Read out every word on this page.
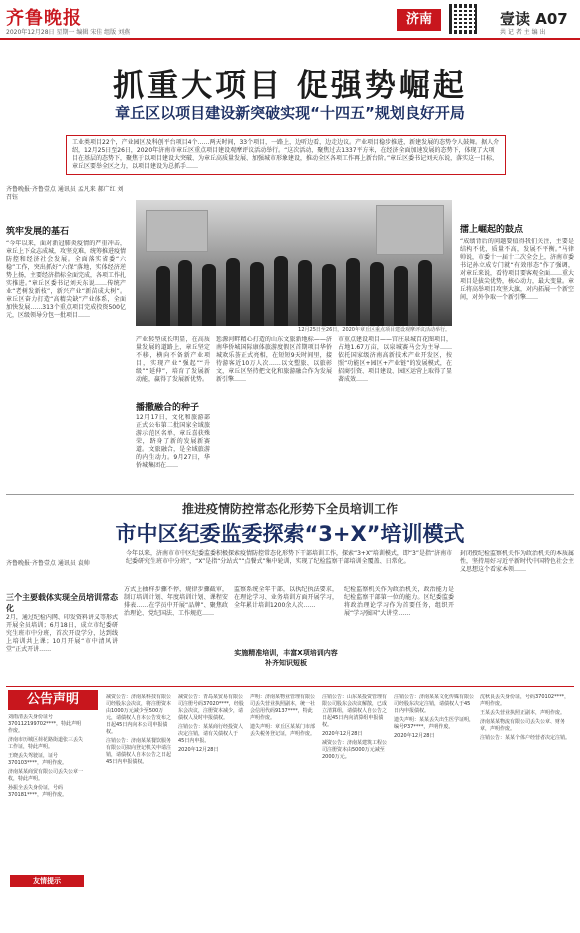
齐鲁晚报
2020年12月28日 星期一 编辑 宋佳 组版 刘燕
济南	壹读 A07
共 记 者 主 编 出
抓重大项目 促强势崛起
章丘区以项目建设新突破实现“十四五”规划良好开局
工业类项目22个，产业园区及科创平台项目4个……两天时间，33个项目，一路上，边听边看，边走边议。产业项目稳步推进，新建发展的态势令人鼓舞。据人介绍，12月25日至26日，2020年济南市章丘区重点项目建设观摩评议活动举行。“这次活动，聚焦过去1337平方米，在经济全面加速发展的态势下，体现了大项目在基层的态势下，聚焦于以项目建设大突破、为章丘高质量发展、加强城市形象建设，推动全区各项工作再上新台阶。”章丘区委书记刘天东说，落实这一目标，章丘区要举全区之力，以项目建设为总抓手……
齐鲁晚报·齐鲁壹点 通讯员 孟凡来 郝广红 刘召钰
筑牢发展的基石
“今年以来，面对新冠肺炎疫情的严重冲击，章丘上下众志成城，攻坚克难，统筹推进疫情防控和经济社会发展。全面落实省委“六稳”工作，突出抓好“六保”落地，实体经济逆势上扬，主要经济指标全面完成，各项工作扎实推进。”章丘区委书记刘天东说……传统产业“老树发新枝”，新兴产业“新苗成大树”。章丘区奋力打造“高精尖缺”产业体系，全面加快发展……313个重点项目完成投资500亿元，区级领导分包一批项目……
12月25日至26日，2020年章丘区重点项目建设观摩评议活动举行。
产业转型成长明显，在高质量发展的道路上，章丘坚定不移，横向不备新产业项目，实现产业“强起”“升级”“延伸”，培育了发展新动能，赢得了发展新优势。
播撒融合的种子
12月17日，文化和旅游部正式公布第二批国家全域旅游示范区名单，章丘喜获殊荣，跻身了新的发展新赛道。文旅融合，是全域旅游的内生动力。9月27日，华侨城集团在……
惩源河畔精心打造的山东文旅新地标——济南华侨城国际康体旅游度假区首期项目华侨城欢乐荟正式亮相，在短短9天时间里，接待游客近10万人次……以文塑旅、以旅彰文，章丘区坚持把文化和旅游融合作为发展新引擎……
市重点建设项目——宫庄泉城百花图项目，占地1.67万亩，以泉城赛马会为主导……依托国家级济南高新技术产业开发区，按照“功能区+园区+产业链”的发展模式，在招商引资、项目建设、园区运营上取得了显著成效……
擂上崛起的鼓点
“成绩背后的问题要值得我们关注，主要是结构不优，质量不高，发展不平衡。”马律帅说，市委十一届十二次全会上，济南市委书记孙立成专门就“有效形态”作了强调，对章丘来说，看待项目要客观全面……重大项目是拔尖优势，核心动力，最大变量。章丘将高举项目攻坚大旗，对内拓展一个新空间，对外争取一个新引擎……
推进疫情防控常态化形势下全员培训工作
市中区纪委监委探索“3+X”培训模式
今年以来，济南市市中区纪委监委积极探索疫情防控常态化形势下干部培训工作，探索“3+X”培训模式，即“3”是指“济南市纪委研究生班市中分班”，“X”是指“分站式”“点餐式”集中轮训，实现了纪检监察干部培训全覆盖、日常化。
齐鲁晚报·齐鲁壹点 通讯员 袁帅
三个主要载体实现全员培训常态化
2月，通过纪检内网、印发资料讲义等形式开展全员培训；6月18日，成立市纪委研究生班市中分班，首次开设学分，达到线上培训共上课；10月开展“市中清风讲堂”正式开讲……
方式上抽样步骤不停，规律步骤截审，制订培训计划、年度培训计划、课程安排表……在学员中开展“品牌”、聚焦政治理论、党纪国法、工作规范……
监察系统全年干部，以执纪执法要求，在理论学习、业务培训方面开展学习，全年累计培训1200余人次……
实施精准培训，丰富X项培训内容补齐知识短板
纪检监察机关作为政治机关，政治能力是纪检监察干部第一位的能力。区纪委监委将政治理论学习作为首要任务，组织开展“学习强国”大讲堂……
封闭授纪检监察机关作为政治机关的本质属性，坚持用好习近平新时代中国特色社会主义思想这个看家本领……
公告声明

刘雨清丢失身份证号370112199702****，特此声明作废。

济南市历城区荷花路街道张三丢失工作证，特此声明。

王晓丢失驾驶证，证号370103****，声明作废。

济南某某商贸有限公司丢失公章一枚，特此声明。

孙振全丢失身份证，号码370181****，声明作废。

友情提示

减资公告：济南某科技有限公司经股东会决议，将注册资本由1000万元减少至500万元，请债权人自本公告发布之日起45日内向本公司申报债权。

注销公告：济南某某餐饮服务有限公司拟向登记机关申请注销，请债权人自本公告之日起45日内申报债权。

减资公告：青岛某贸易有限公司注册号码37020****，经股东会决议，注册资本减少，请债权人及时申报债权。

注销公告：某某商行经投资人决定注销，请有关债权人于45日内申报。

2020年12月28日

声明：济南某物业管理有限公司丢失营业执照副本，统一社会信用代码9137****，特此声明作废。

遗失声明：章丘区某某门市部丢失税务登记证，声明作废。

注销公告：山东某投资管理有限公司股东会决议解散，已成立清算组，请债权人自公告之日起45日内向清算组申报债权。

2020年12月28日

减资公告：济南某建筑工程公司注册资本由5000万元减至2000万元。

注销公告：济南某某文化传媒有限公司经股东决定注销，请债权人于45日内申报债权。

遗失声明：某某丢失出生医学证明，编号P37****，声明作废。

2020年12月28日

沈秋良丢失身份证，号码370102****，声明作废。

王某丢失营业执照正副本，声明作废。

济南某某物流有限公司丢失公章、财务章，声明作废。

注销公告：某某个体户经营者决定注销。
